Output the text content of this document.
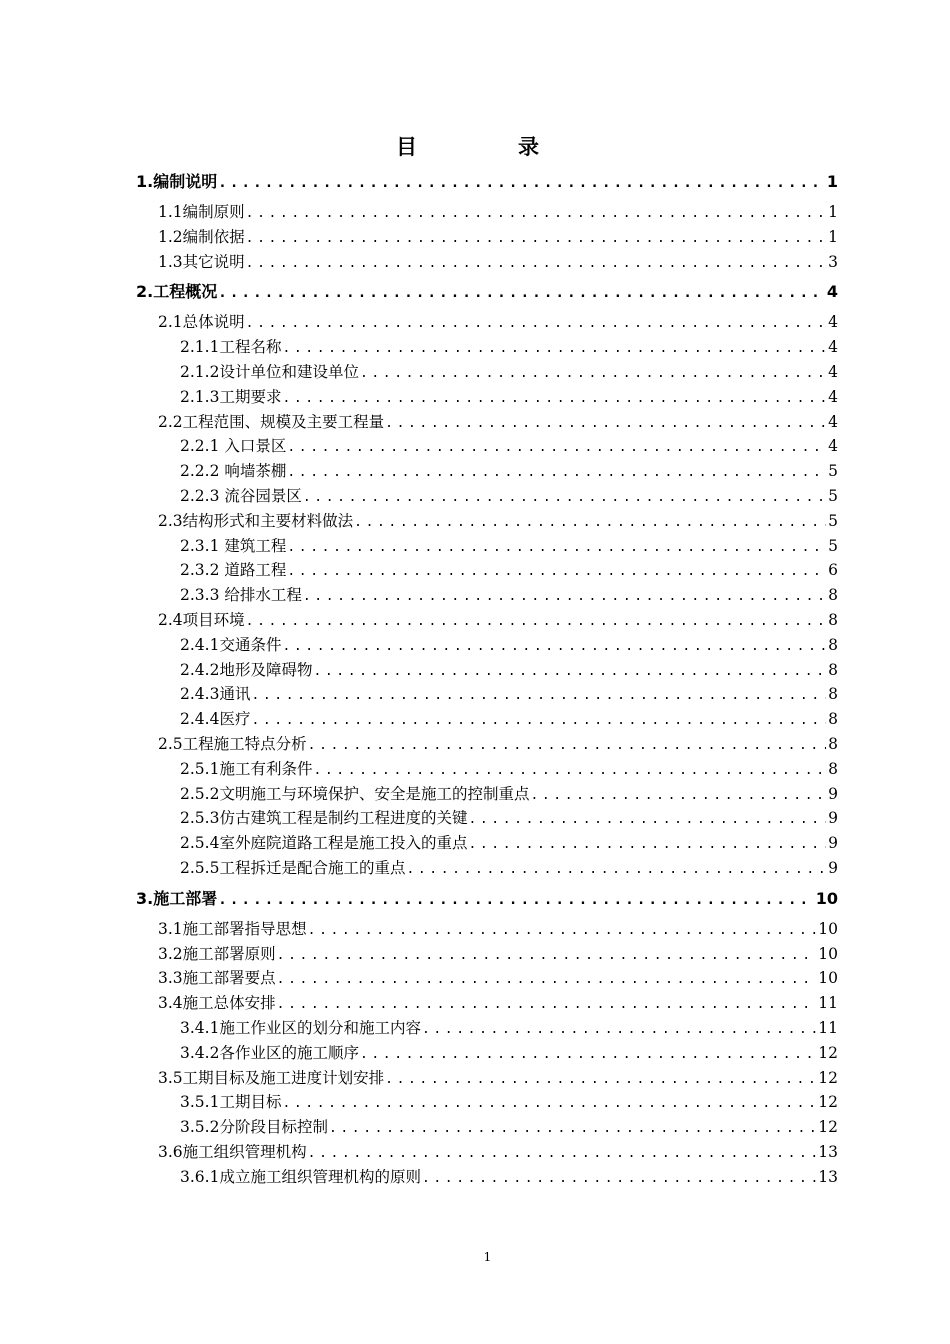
目　录
1.编制说明 .....	1
1.1编制原则 .....	1
1.2编制依据 .....	1
1.3其它说明 .....	3
2.工程概况 .....	4
2.1总体说明 .....	4
2.1.1工程名称 .....	4
2.1.2设计单位和建设单位 .....	4
2.1.3工期要求 .....	4
2.2工程范围、规模及主要工程量 .....	4
2.2.1 入口景区 .....	4
2.2.2 响墙茶棚 .....	5
2.2.3 流谷园景区 .....	5
2.3结构形式和主要材料做法 .....	5
2.3.1 建筑工程 .....	5
2.3.2 道路工程 .....	6
2.3.3 给排水工程 .....	8
2.4项目环境 .....	8
2.4.1交通条件 .....	8
2.4.2地形及障碍物 .....	8
2.4.3通讯 .....	8
2.4.4医疗 .....	8
2.5工程施工特点分析 .....	8
2.5.1施工有利条件 .....	8
2.5.2文明施工与环境保护、安全是施工的控制重点 .....	9
2.5.3仿古建筑工程是制约工程进度的关键 .....	9
2.5.4室外庭院道路工程是施工投入的重点 .....	9
2.5.5工程拆迁是配合施工的重点 .....	9
3.施工部署 .....	10
3.1施工部署指导思想 .....	10
3.2施工部署原则 .....	10
3.3施工部署要点 .....	10
3.4施工总体安排 .....	11
3.4.1施工作业区的划分和施工内容 .....	11
3.4.2各作业区的施工顺序 .....	12
3.5工期目标及施工进度计划安排 .....	12
3.5.1工期目标 .....	12
3.5.2分阶段目标控制 .....	12
3.6施工组织管理机构 .....	13
3.6.1成立施工组织管理机构的原则 .....	13
1
